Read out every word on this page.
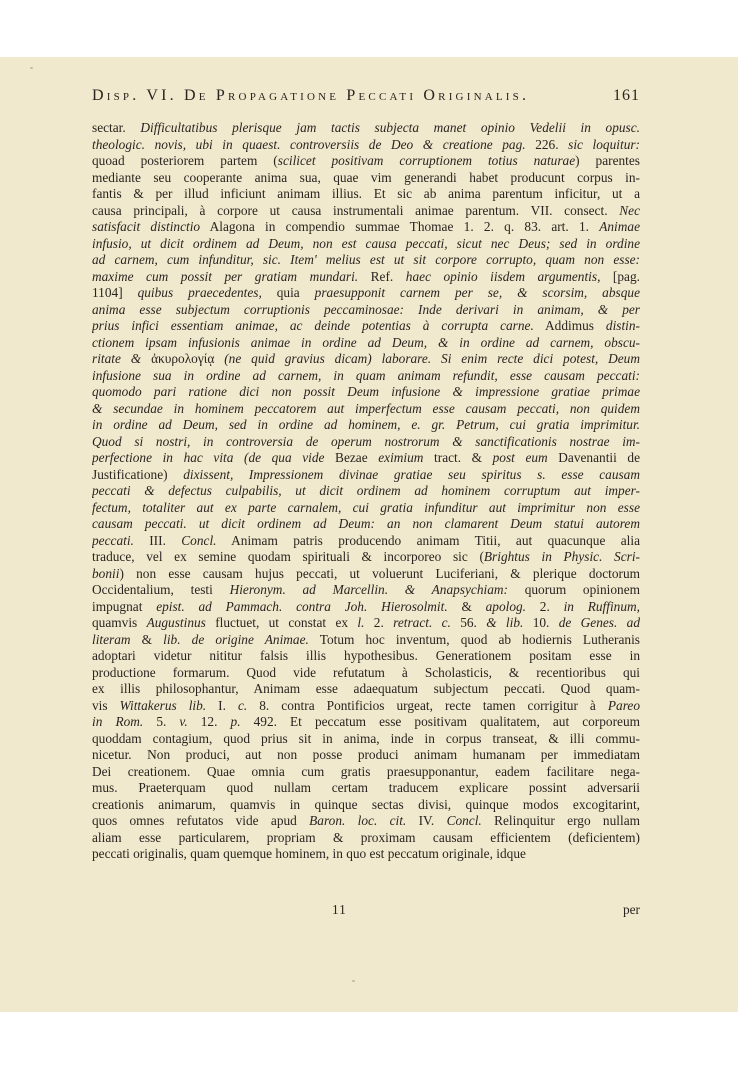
Disp. VI. De Propagatione Peccati Originalis.	161
sectar. Difficultatibus plerisque jam tactis subjecta manet opinio Vedelii in opusc.
theologic. novis, ubi in quaest. controversiis de Deo & creatione pag. 226. sic loquitur:
quoad posteriorem partem (scilicet positivam corruptionem totius naturae) parentes
mediante seu cooperante anima sua, quae vim generandi habet producunt corpus in-
fantis & per illud inficiunt animam illius. Et sic ab anima parentum inficitur, ut a
causa principali, à corpore ut causa instrumentali animae parentum. VII. consect. Nec
satisfacit distinctio Alagona in compendio summae Thomae 1. 2. q. 83. art. 1. Animae
infusio, ut dicit ordinem ad Deum, non est causa peccati, sicut nec Deus; sed in ordine
ad carnem, cum infunditur, sic. Item' melius est ut sit corpore corrupto, quam non esse:
maxime cum possit per gratiam mundari. Ref. haec opinio iisdem argumentis, [pag.
1104] quibus praecedentes, quia praesupponit carnem per se, & scorsim, absque
anima esse subjectum corruptionis peccaminosae: Inde derivari in animam, & per
prius infici essentiam animae, ac deinde potentias à corrupta carne. Addimus distin-
ctionem ipsam infusionis animae in ordine ad Deum, & in ordine ad carnem, obscu-
ritate & ἀκυρολογίᾳ (ne quid gravius dicam) laborare. Si enim recte dici potest, Deum
infusione sua in ordine ad carnem, in quam animam refundit, esse causam peccati:
quomodo pari ratione dici non possit Deum infusione & impressione gratiae primae
& secundae in hominem peccatorem aut imperfectum esse causam peccati, non quidem
in ordine ad Deum, sed in ordine ad hominem, e. gr. Petrum, cui gratia imprimitur.
Quod si nostri, in controversia de operum nostrorum & sanctificationis nostrae im-
perfectione in hac vita (de qua vide Bezae eximium tract. & post eum Davenantii de
Justificatione) dixissent, Impressionem divinae gratiae seu spiritus s. esse causam
peccati & defectus culpabilis, ut dicit ordinem ad hominem corruptum aut imper-
fectum, totaliter aut ex parte carnalem, cui gratia infunditur aut imprimitur non esse
causam peccati. ut dicit ordinem ad Deum: an non clamarent Deum statui autorem
peccati. III. Concl. Animam patris producendo animam Titii, aut quacunque alia
traduce, vel ex semine quodam spirituali & incorporeo sic (Brightus in Physic. Scri-
bonii) non esse causam hujus peccati, ut voluerunt Luciferiani, & plerique doctorum
Occidentalium, testi Hieronym. ad Marcellin. & Anapsychiam: quorum opinionem
impugnat epist. ad Pammach. contra Joh. Hierosolmit. & apolog. 2. in Ruffinum,
quamvis Augustinus fluctuet, ut constat ex l. 2. retract. c. 56. & lib. 10. de Genes. ad
literam & lib. de origine Animae. Totum hoc inventum, quod ab hodiernis Lutheranis
adoptari videtur nititur falsis illis hypothesibus. Generationem positam esse in
productione formarum. Quod vide refutatum à Scholasticis, & recentioribus qui
ex illis philosophantur, Animam esse adaequatum subjectum peccati. Quod quam-
vis Wittakerus lib. I. c. 8. contra Pontificios urgeat, recte tamen corrigitur à Pareo
in Rom. 5. v. 12. p. 492. Et peccatum esse positivam qualitatem, aut corporeum
quoddam contagium, quod prius sit in anima, inde in corpus transeat, & illi commu-
nicetur. Non produci, aut non posse produci animam humanam per immediatam
Dei creationem. Quae omnia cum gratis praesupponantur, eadem facilitare nega-
mus. Praeterquam quod nullam certam traducem explicare possint adversarii
creationis animarum, quamvis in quinque sectas divisi, quinque modos excogitarint,
quos omnes refutatos vide apud Baron. loc. cit. IV. Concl. Relinquitur ergo nullam
aliam esse particularem, propriam & proximam causam efficientem (deficientem)
peccati originalis, quam quemque hominem, in quo est peccatum originale, idque
11	per
